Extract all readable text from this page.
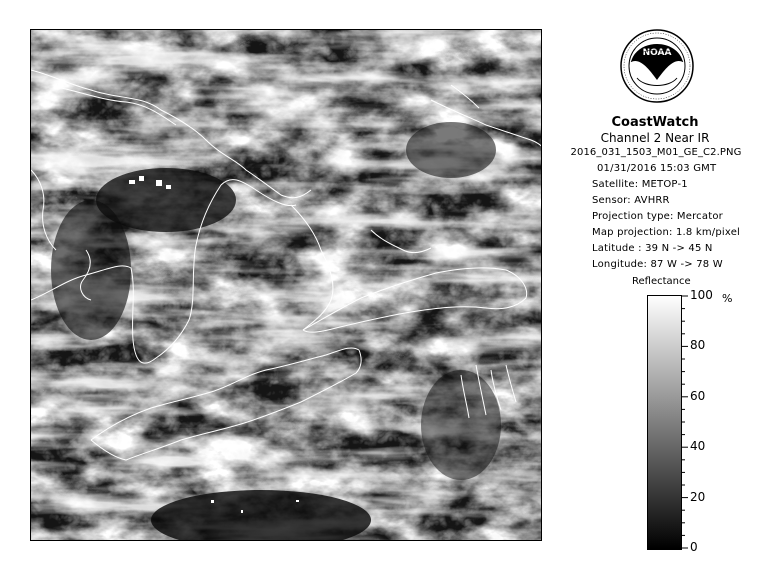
NOAA
CoastWatch
Channel 2 Near IR
2016_031_1503_M01_GE_C2.PNG
01/31/2016 15:03 GMT
Satellite: METOP-1
Sensor: AVHRR
Projection type: Mercator
Map projection: 1.8 km/pixel
Latitude : 39 N -> 45 N
Longitude: 87 W -> 78 W
Reflectance
100
80
60
40
20
0
%
